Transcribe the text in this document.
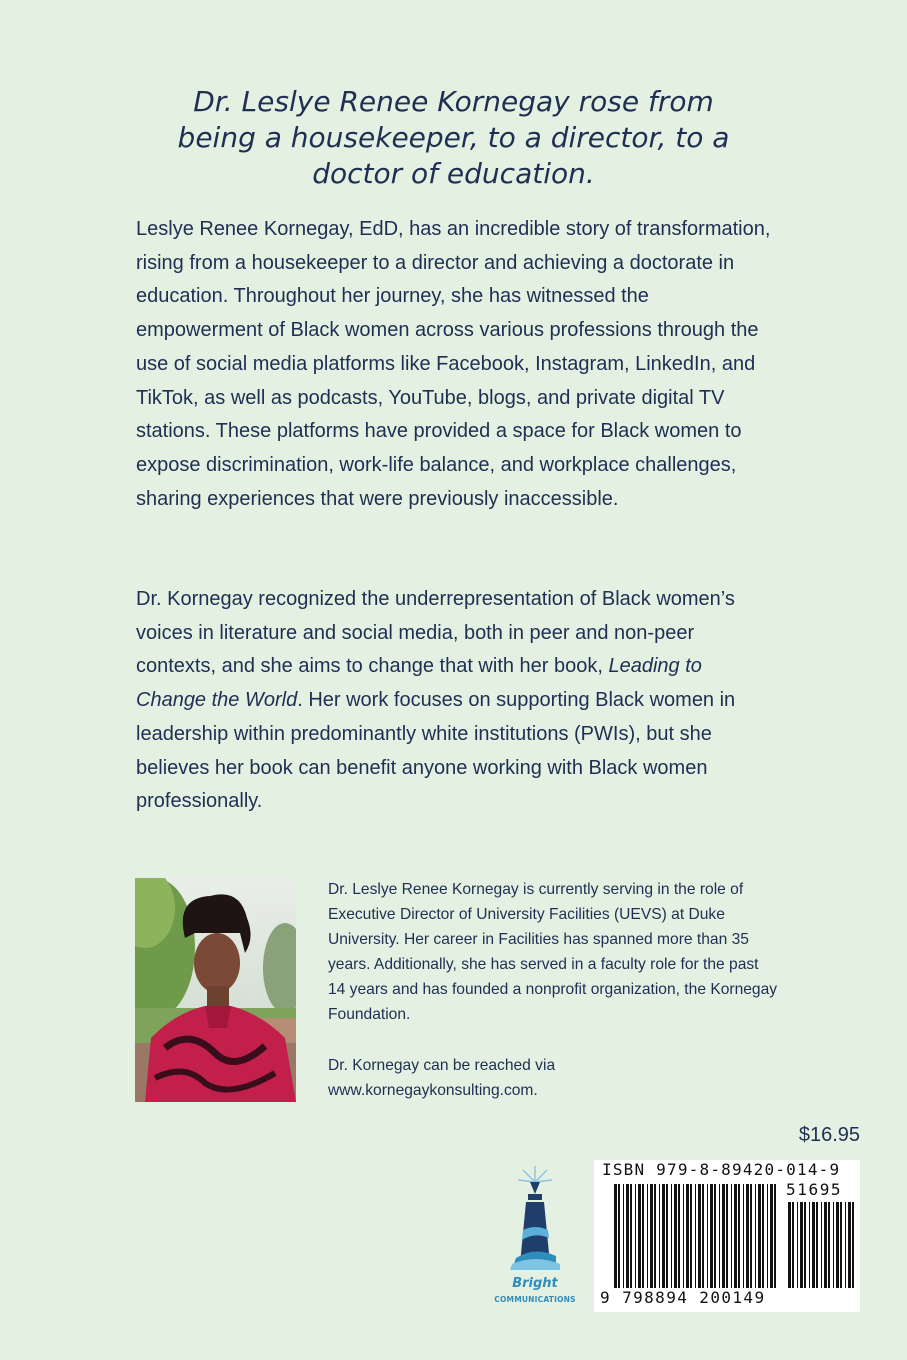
Dr. Leslye Renee Kornegay rose from
being a housekeeper, to a director, to a
doctor of education.

Leslye Renee Kornegay, EdD, has an incredible story of transformation, rising from a housekeeper to a director and achieving a doctorate in education. Throughout her journey, she has witnessed the empowerment of Black women across various professions through the use of social media platforms like Facebook, Instagram, LinkedIn, and TikTok, as well as podcasts, YouTube, blogs, and private digital TV stations. These platforms have provided a space for Black women to expose discrimination, work-life balance, and workplace challenges, sharing experiences that were previously inaccessible.

Dr. Kornegay recognized the underrepresentation of Black women’s voices in literature and social media, both in peer and non-peer contexts, and she aims to change that with her book, Leading to Change the World. Her work focuses on supporting Black women in leadership within predominantly white institutions (PWIs), but she believes her book can benefit anyone working with Black women professionally.

Dr. Leslye Renee Kornegay is currently serving in the role of Executive Director of University Facilities (UEVS) at Duke University. Her career in Facilities has spanned more than 35 years. Additionally, she has served in a faculty role for the past 14 years and has founded a nonprofit organization, the Kornegay Foundation.

Dr. Kornegay can be reached via
www.kornegaykonsulting.com.

$16.95
Bright
COMMUNICATIONS
ISBN 979-8-89420-014-9
51695
9 798894 200149
